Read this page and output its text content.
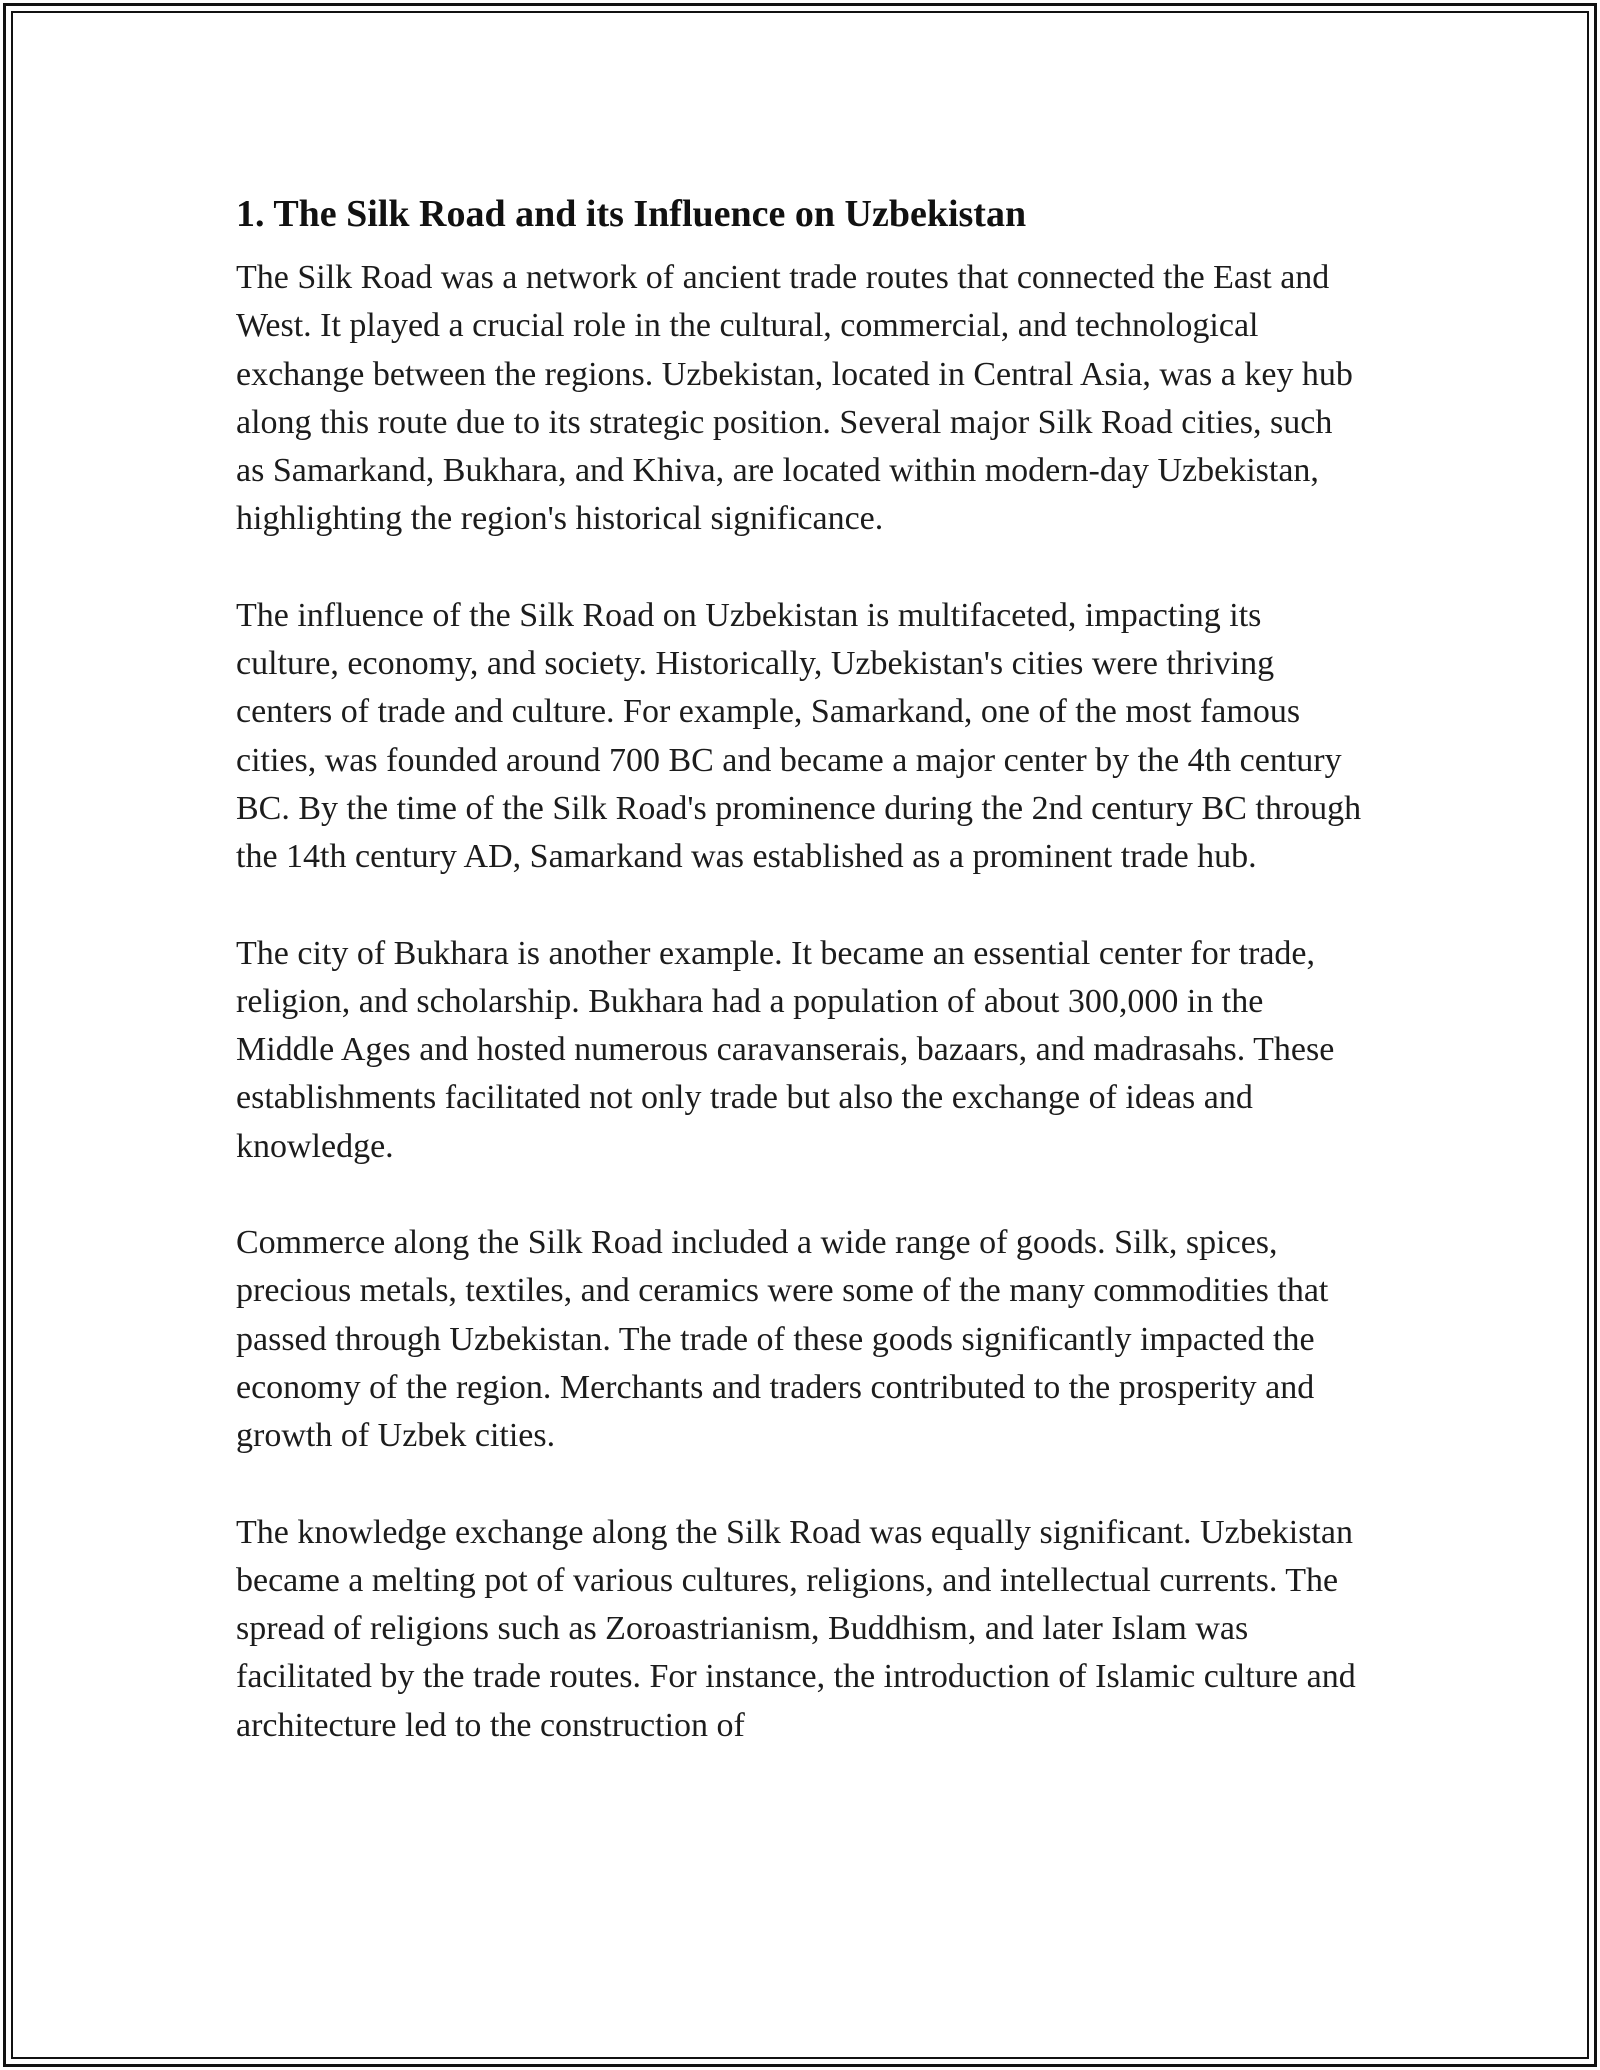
1. The Silk Road and its Influence on Uzbekistan

The Silk Road was a network of ancient trade routes that connected the East and West. It played a crucial role in the cultural, commercial, and technological exchange between the regions. Uzbekistan, located in Central Asia, was a key hub along this route due to its strategic position. Several major Silk Road cities, such as Samarkand, Bukhara, and Khiva, are located within modern-day Uzbekistan, highlighting the region's historical significance.

The influence of the Silk Road on Uzbekistan is multifaceted, impacting its culture, economy, and society. Historically, Uzbekistan's cities were thriving centers of trade and culture. For example, Samarkand, one of the most famous cities, was founded around 700 BC and became a major center by the 4th century BC. By the time of the Silk Road's prominence during the 2nd century BC through the 14th century AD, Samarkand was established as a prominent trade hub.

The city of Bukhara is another example. It became an essential center for trade, religion, and scholarship. Bukhara had a population of about 300,000 in the Middle Ages and hosted numerous caravanserais, bazaars, and madrasahs. These establishments facilitated not only trade but also the exchange of ideas and knowledge.

Commerce along the Silk Road included a wide range of goods. Silk, spices, precious metals, textiles, and ceramics were some of the many commodities that passed through Uzbekistan. The trade of these goods significantly impacted the economy of the region. Merchants and traders contributed to the prosperity and growth of Uzbek cities.

The knowledge exchange along the Silk Road was equally significant. Uzbekistan became a melting pot of various cultures, religions, and intellectual currents. The spread of religions such as Zoroastrianism, Buddhism, and later Islam was facilitated by the trade routes. For instance, the introduction of Islamic culture and architecture led to the construction of
